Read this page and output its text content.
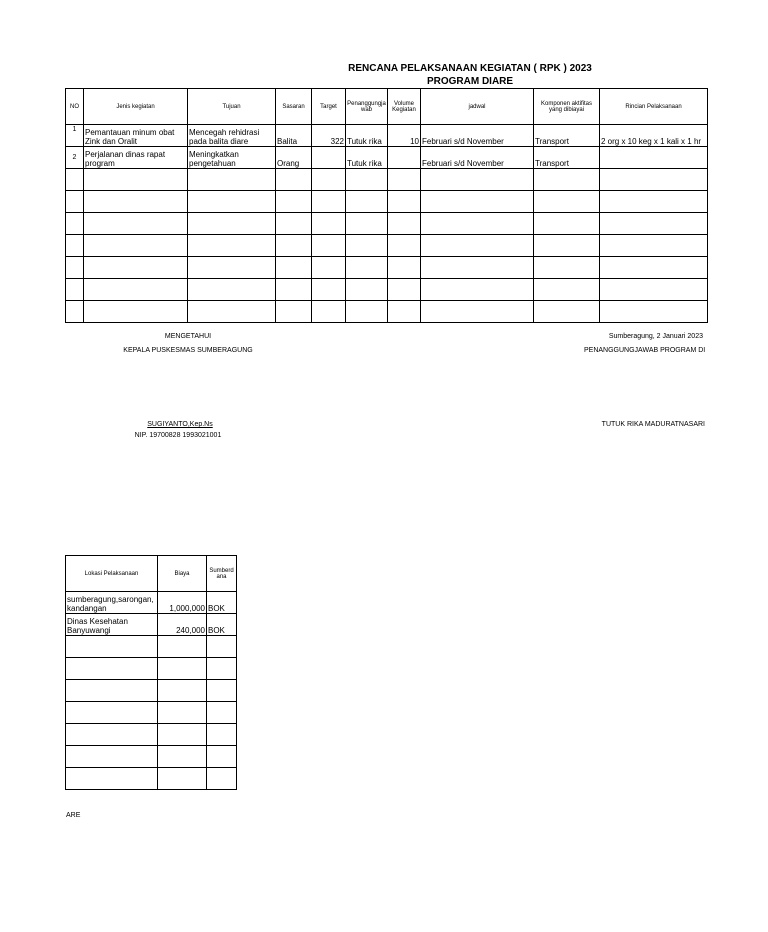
RENCANA PELAKSANAAN KEGIATAN ( RPK ) 2023
PROGRAM DIARE
NO	Jenis kegiatan	Tujuan	Sasaran	Target	Penanggungjawab	Volume Kegiatan	jadwal	Komponen aktifitas yang dibiayai	Rincian Pelaksanaan
1	Pemantauan minum obat Zink dan Oralit	Mencegah rehidrasi pada balita diare	Balita	322	Tutuk rika	10	Februari s/d November	Transport	2 org x 10 keg x 1 kali x 1 hr
2	Perjalanan dinas rapat program	Meningkatkan pengetahuan	Orang		Tutuk rika		Februari s/d November	Transport	

MENGETAHUI
KEPALA PUSKESMAS SUMBERAGUNG
SUGIYANTO,Kep.Ns
NIP. 19700828 1993021001
Sumberagung, 2 Januari 2023
PENANGGUNGJAWAB PROGRAM DI
TUTUK RIKA MADURATNASARI
Lokasi Pelaksanaan	Biaya	Sumberdana
sumberagung,sarongan,kandangan	1,000,000	BOK
Dinas Kesehatan Banyuwangi	240,000	BOK

ARE
